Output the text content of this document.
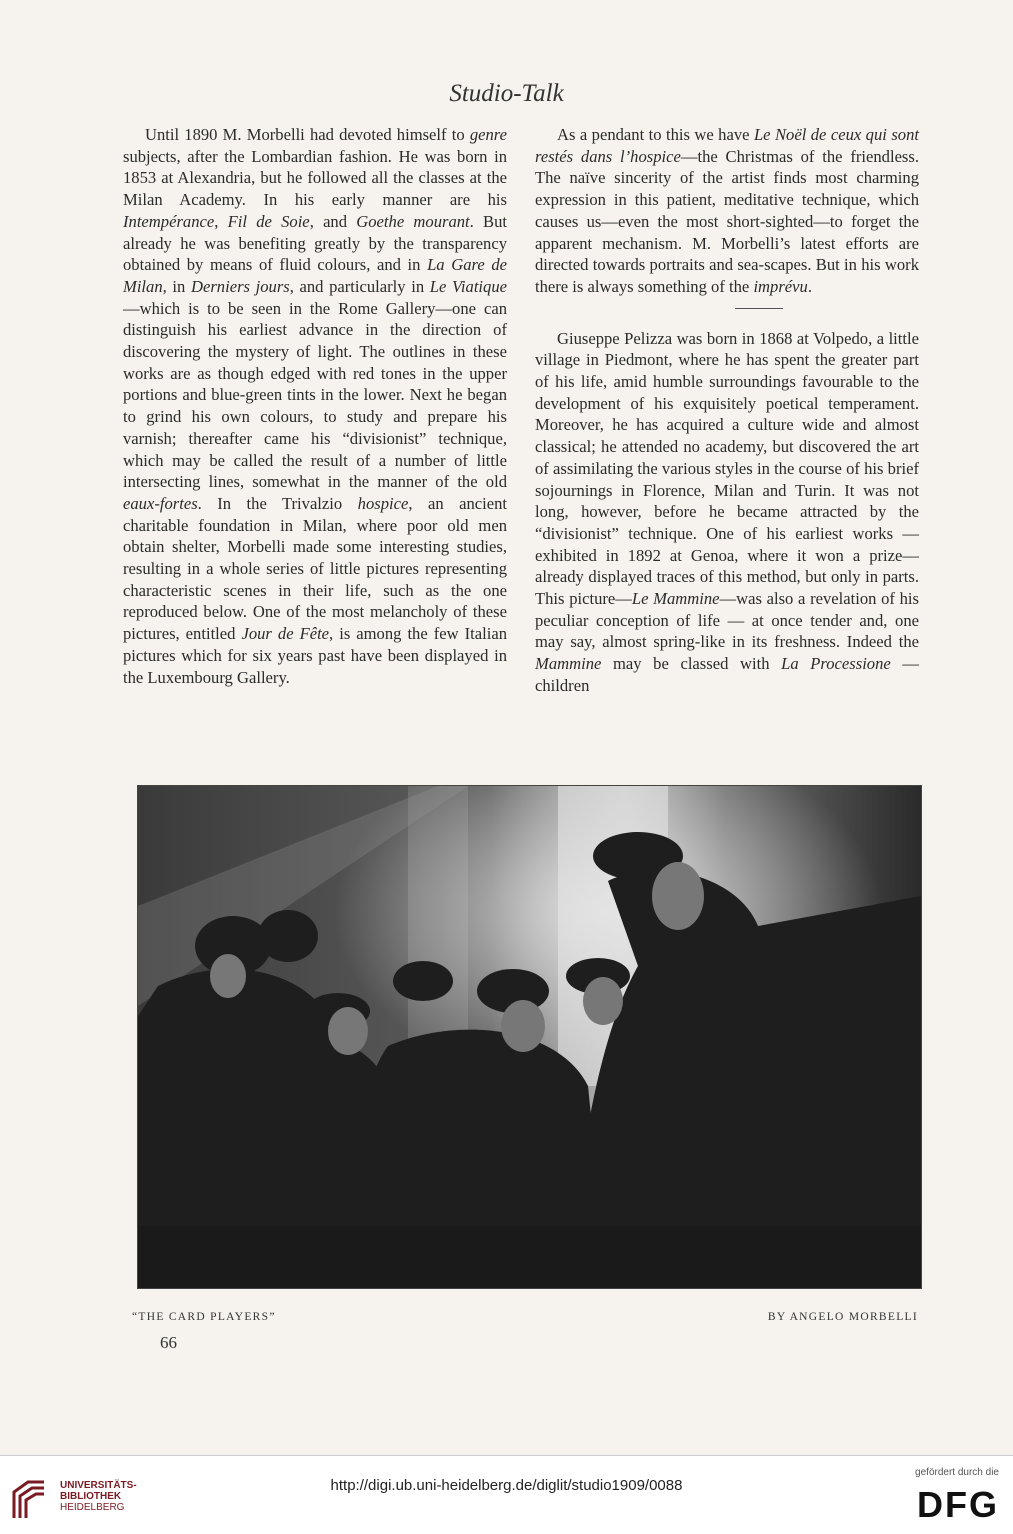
Studio-Talk

Until 1890 M. Morbelli had devoted himself to genre subjects, after the Lombardian fashion. He was born in 1853 at Alexandria, but he followed all the classes at the Milan Academy. In his early manner are his Intempérance, Fil de Soie, and Goethe mourant. But already he was benefiting greatly by the transparency obtained by means of fluid colours, and in La Gare de Milan, in Derniers jours, and particularly in Le Viatique—which is to be seen in the Rome Gallery—one can distinguish his earliest advance in the direction of discovering the mystery of light. The outlines in these works are as though edged with red tones in the upper portions and blue-green tints in the lower. Next he began to grind his own colours, to study and prepare his varnish; thereafter came his “divisionist” technique, which may be called the result of a number of little intersecting lines, somewhat in the manner of the old eaux-fortes. In the Trivalzio hospice, an ancient charitable foundation in Milan, where poor old men obtain shelter, Morbelli made some interesting studies, resulting in a whole series of little pictures representing characteristic scenes in their life, such as the one reproduced below. One of the most melancholy of these pictures, entitled Jour de Fête, is among the few Italian pictures which for six years past have been displayed in the Luxembourg Gallery.

As a pendant to this we have Le Noël de ceux qui sont restés dans l’hospice—the Christmas of the friendless. The naïve sincerity of the artist finds most charming expression in this patient, meditative technique, which causes us—even the most short-sighted—to forget the apparent mechanism. M. Morbelli’s latest efforts are directed towards portraits and sea-scapes. But in his work there is always something of the imprévu.

Giuseppe Pelizza was born in 1868 at Volpedo, a little village in Piedmont, where he has spent the greater part of his life, amid humble surroundings favourable to the development of his exquisitely poetical temperament. Moreover, he has acquired a culture wide and almost classical; he attended no academy, but discovered the art of assimilating the various styles in the course of his brief sojournings in Florence, Milan and Turin. It was not long, however, before he became attracted by the “divisionist” technique. One of his earliest works —exhibited in 1892 at Genoa, where it won a prize—already displayed traces of this method, but only in parts. This picture—Le Mammine—was also a revelation of his peculiar conception of life — at once tender and, one may say, almost spring-like in its freshness. Indeed the Mammine may be classed with La Processione — children

“THE CARD PLAYERS”	BY ANGELO MORBELLI
66
UNIVERSITÄTS-
BIBLIOTHEK
HEIDELBERG
http://digi.ub.uni-heidelberg.de/diglit/studio1909/0088
gefördert durch die
DFG
